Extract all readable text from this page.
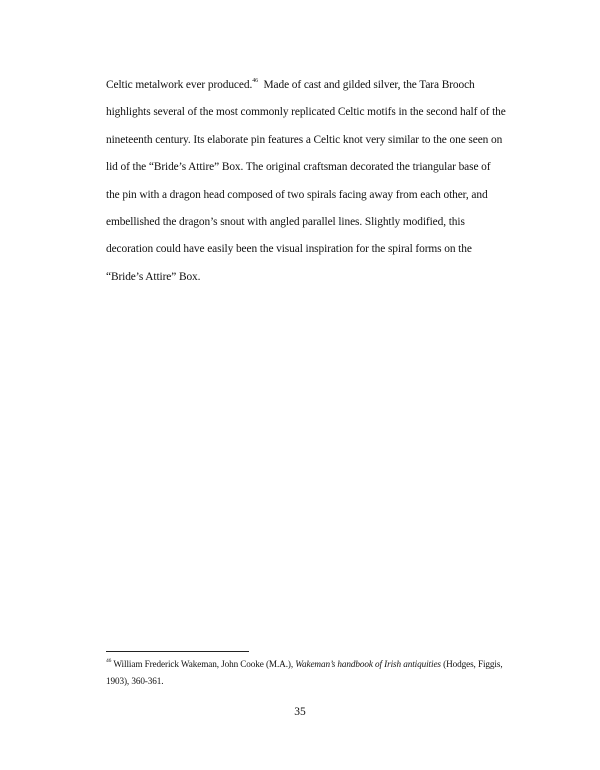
Celtic metalwork ever produced.$^{46}$  Made of cast and gilded silver, the Tara Brooch
highlights several of the most commonly replicated Celtic motifs in the second half of the
nineteenth century. Its elaborate pin features a Celtic knot very similar to the one seen on
lid of the “Bride’s Attire” Box. The original craftsman decorated the triangular base of
the pin with a dragon head composed of two spirals facing away from each other, and
embellished the dragon’s snout with angled parallel lines. Slightly modified, this
decoration could have easily been the visual inspiration for the spiral forms on the
“Bride’s Attire” Box.

$^{46}$ William Frederick Wakeman, John Cooke (M.A.), Wakeman’s handbook of Irish antiquities (Hodges, Figgis, 1903), 360-361.

35
